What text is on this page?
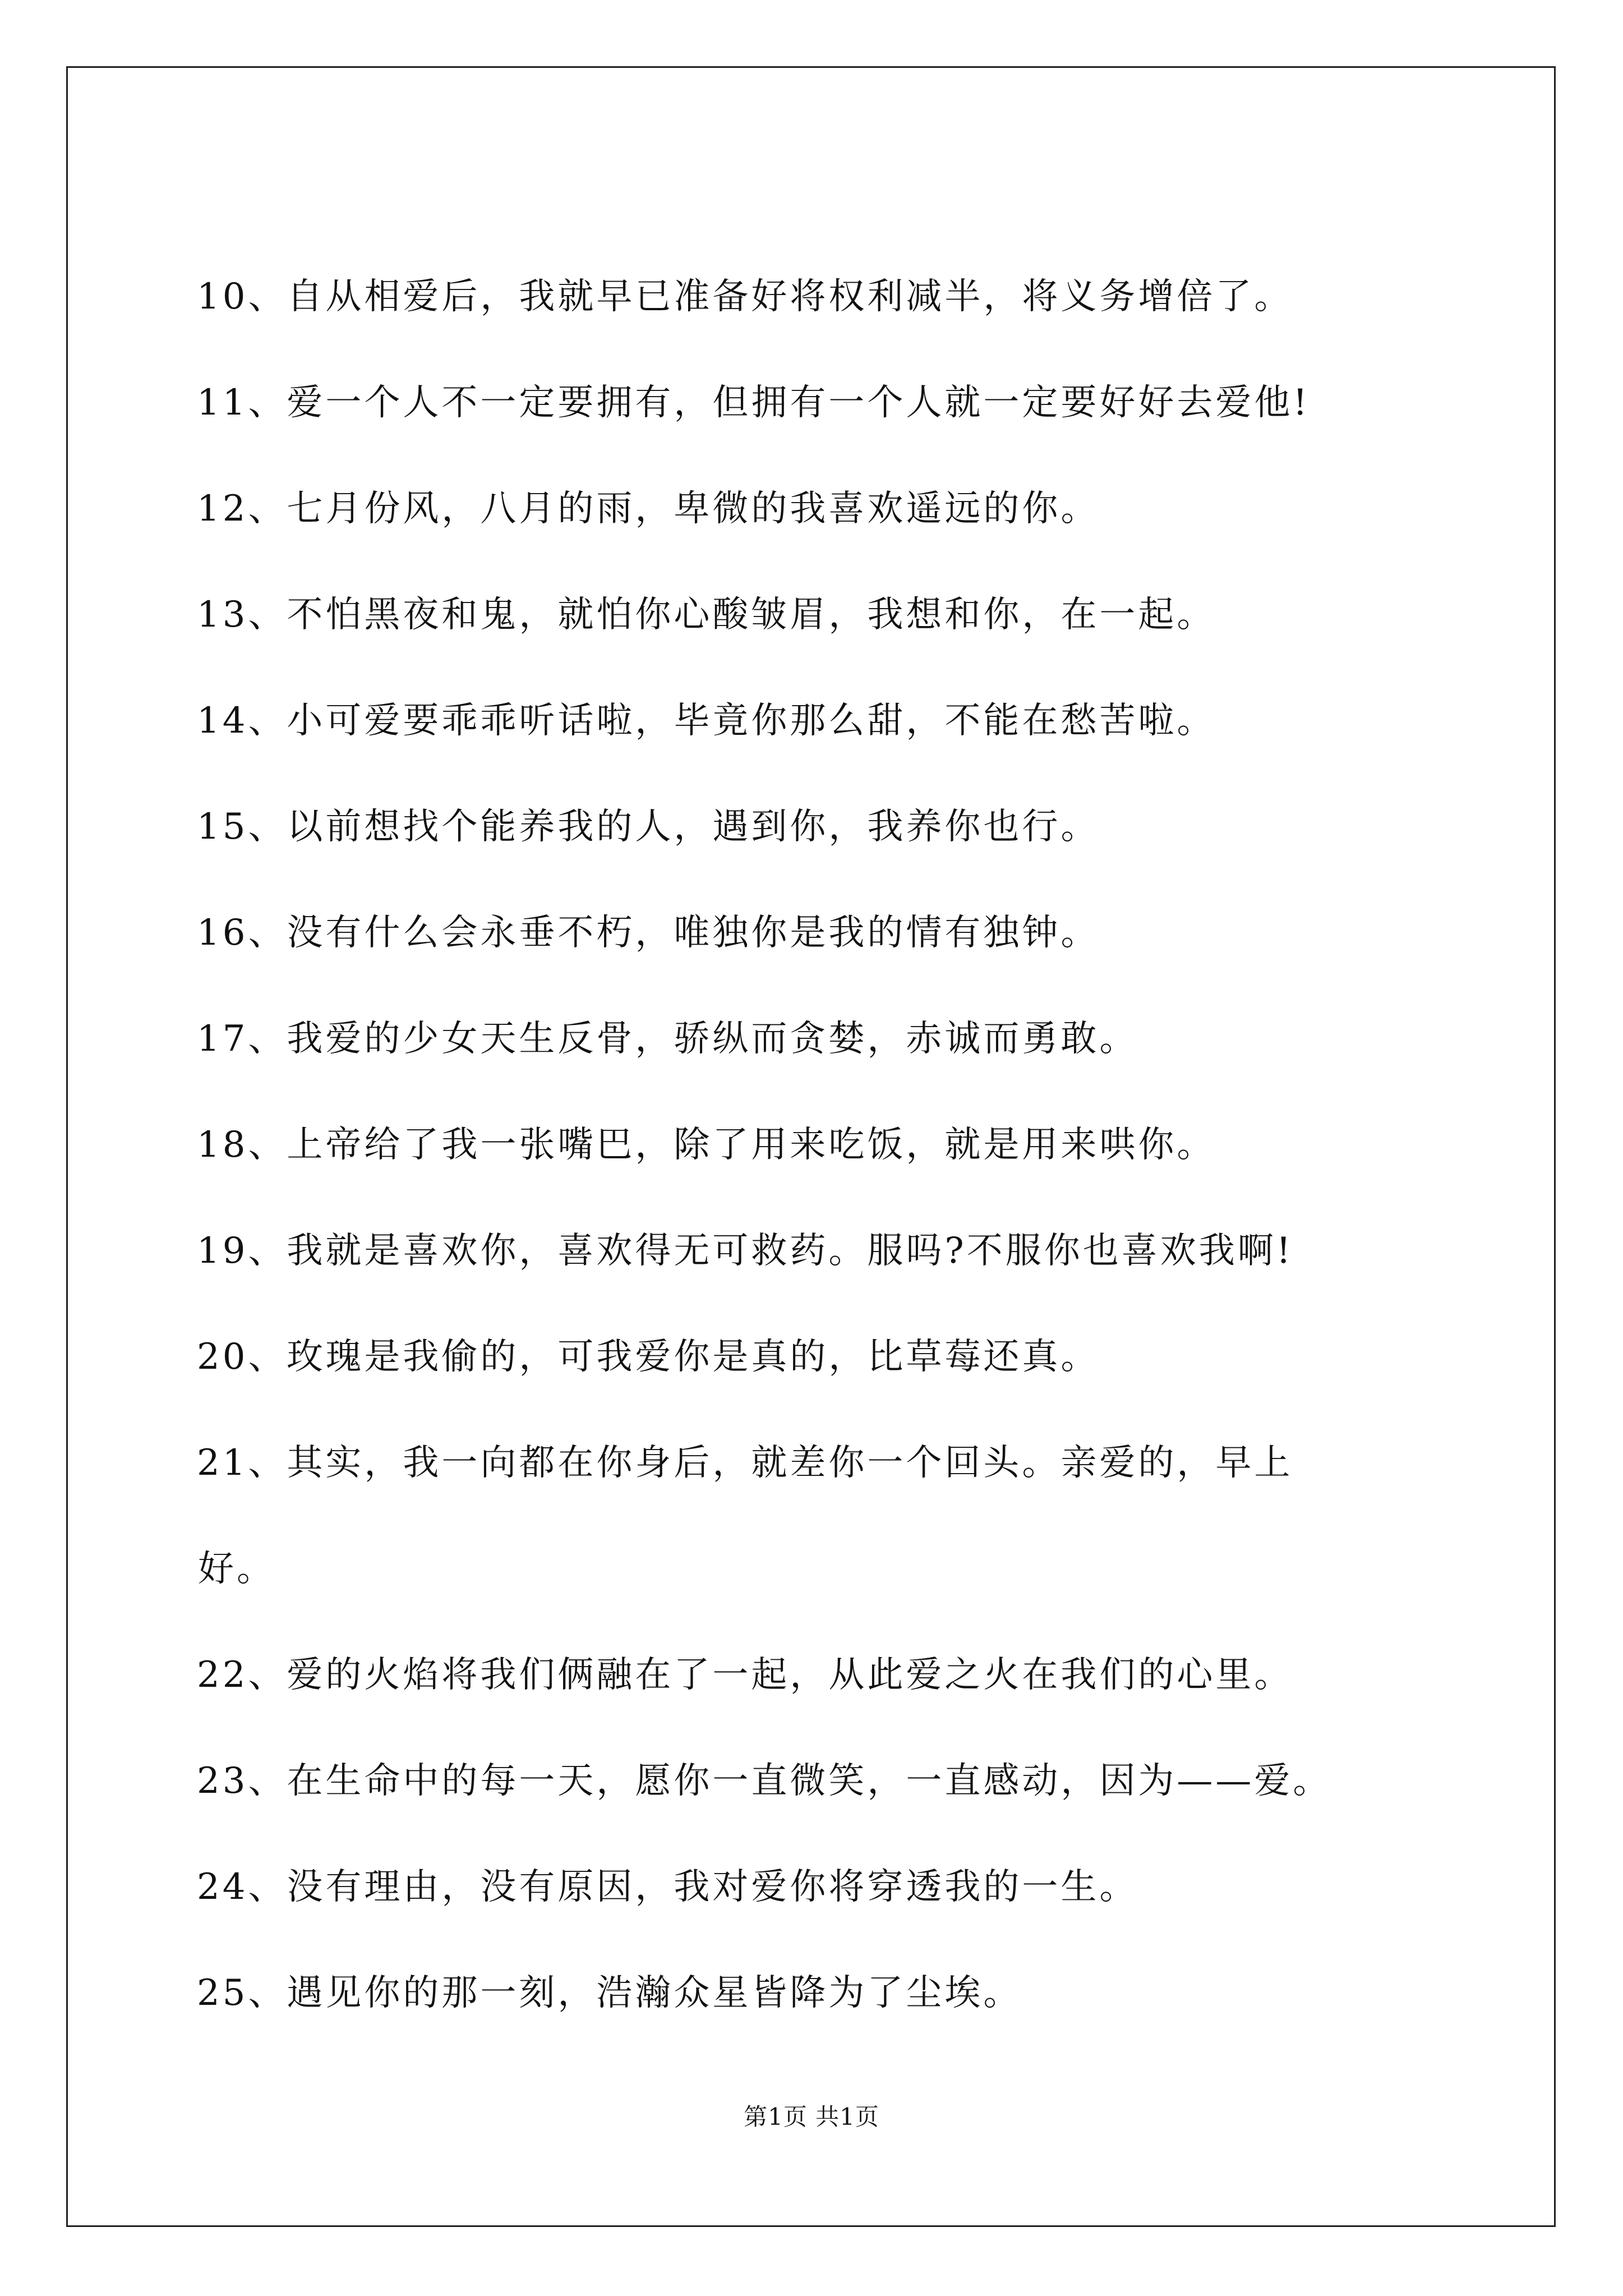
10、自从相爱后，我就早已准备好将权利减半，将义务增倍了。

11、爱一个人不一定要拥有，但拥有一个人就一定要好好去爱他!

12、七月份风，八月的雨，卑微的我喜欢遥远的你。

13、不怕黑夜和鬼，就怕你心酸皱眉，我想和你，在一起。

14、小可爱要乖乖听话啦，毕竟你那么甜，不能在愁苦啦。

15、以前想找个能养我的人，遇到你，我养你也行。

16、没有什么会永垂不朽，唯独你是我的情有独钟。

17、我爱的少女天生反骨，骄纵而贪婪，赤诚而勇敢。

18、上帝给了我一张嘴巴，除了用来吃饭，就是用来哄你。

19、我就是喜欢你，喜欢得无可救药。服吗?不服你也喜欢我啊!

20、玫瑰是我偷的，可我爱你是真的，比草莓还真。

21、其实，我一向都在你身后，就差你一个回头。亲爱的，早上

好。

22、爱的火焰将我们俩融在了一起，从此爱之火在我们的心里。

23、在生命中的每一天，愿你一直微笑，一直感动，因为——爱。

24、没有理由，没有原因，我对爱你将穿透我的一生。

25、遇见你的那一刻，浩瀚众星皆降为了尘埃。

第1页 共1页
